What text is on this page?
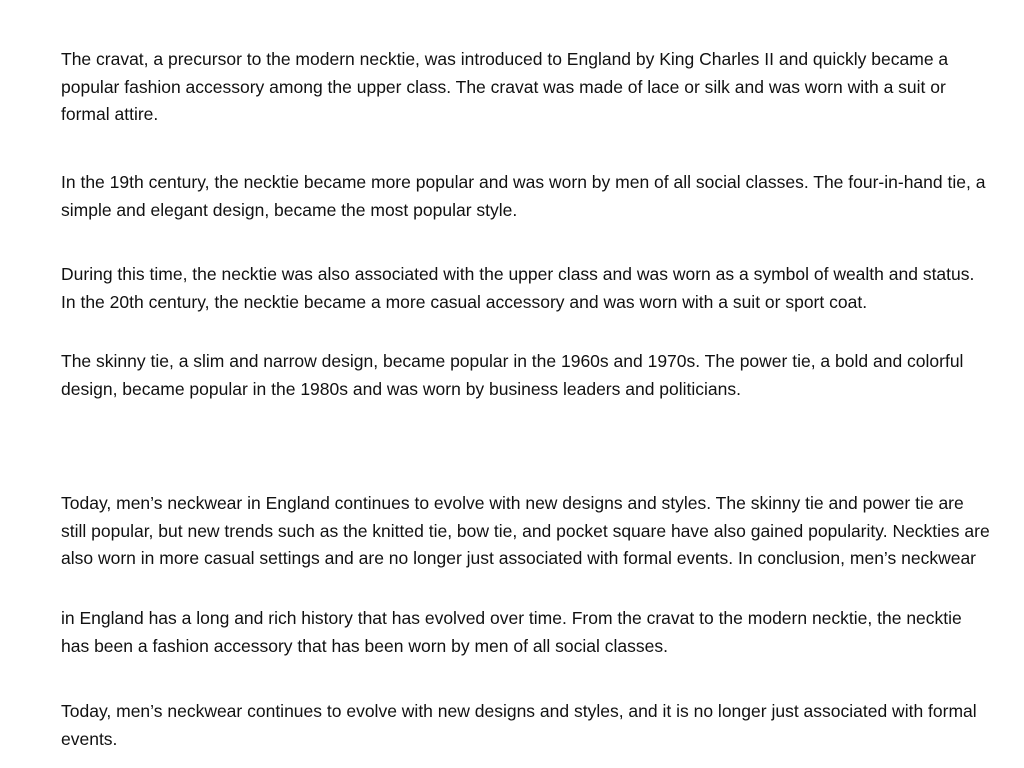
The cravat, a precursor to the modern necktie, was introduced to England by King Charles II and quickly became a popular fashion accessory among the upper class. The cravat was made of lace or silk and was worn with a suit or formal attire.

In the 19th century, the necktie became more popular and was worn by men of all social classes. The four-in-hand tie, a simple and elegant design, became the most popular style.

During this time, the necktie was also associated with the upper class and was worn as a symbol of wealth and status. In the 20th century, the necktie became a more casual accessory and was worn with a suit or sport coat.

The skinny tie, a slim and narrow design, became popular in the 1960s and 1970s. The power tie, a bold and colorful design, became popular in the 1980s and was worn by business leaders and politicians.

Today, men’s neckwear in England continues to evolve with new designs and styles. The skinny tie and power tie are still popular, but new trends such as the knitted tie, bow tie, and pocket square have also gained popularity. Neckties are also worn in more casual settings and are no longer just associated with formal events. In conclusion, men’s neckwear

in England has a long and rich history that has evolved over time. From the cravat to the modern necktie, the necktie has been a fashion accessory that has been worn by men of all social classes.

Today, men’s neckwear continues to evolve with new designs and styles, and it is no longer just associated with formal events.
